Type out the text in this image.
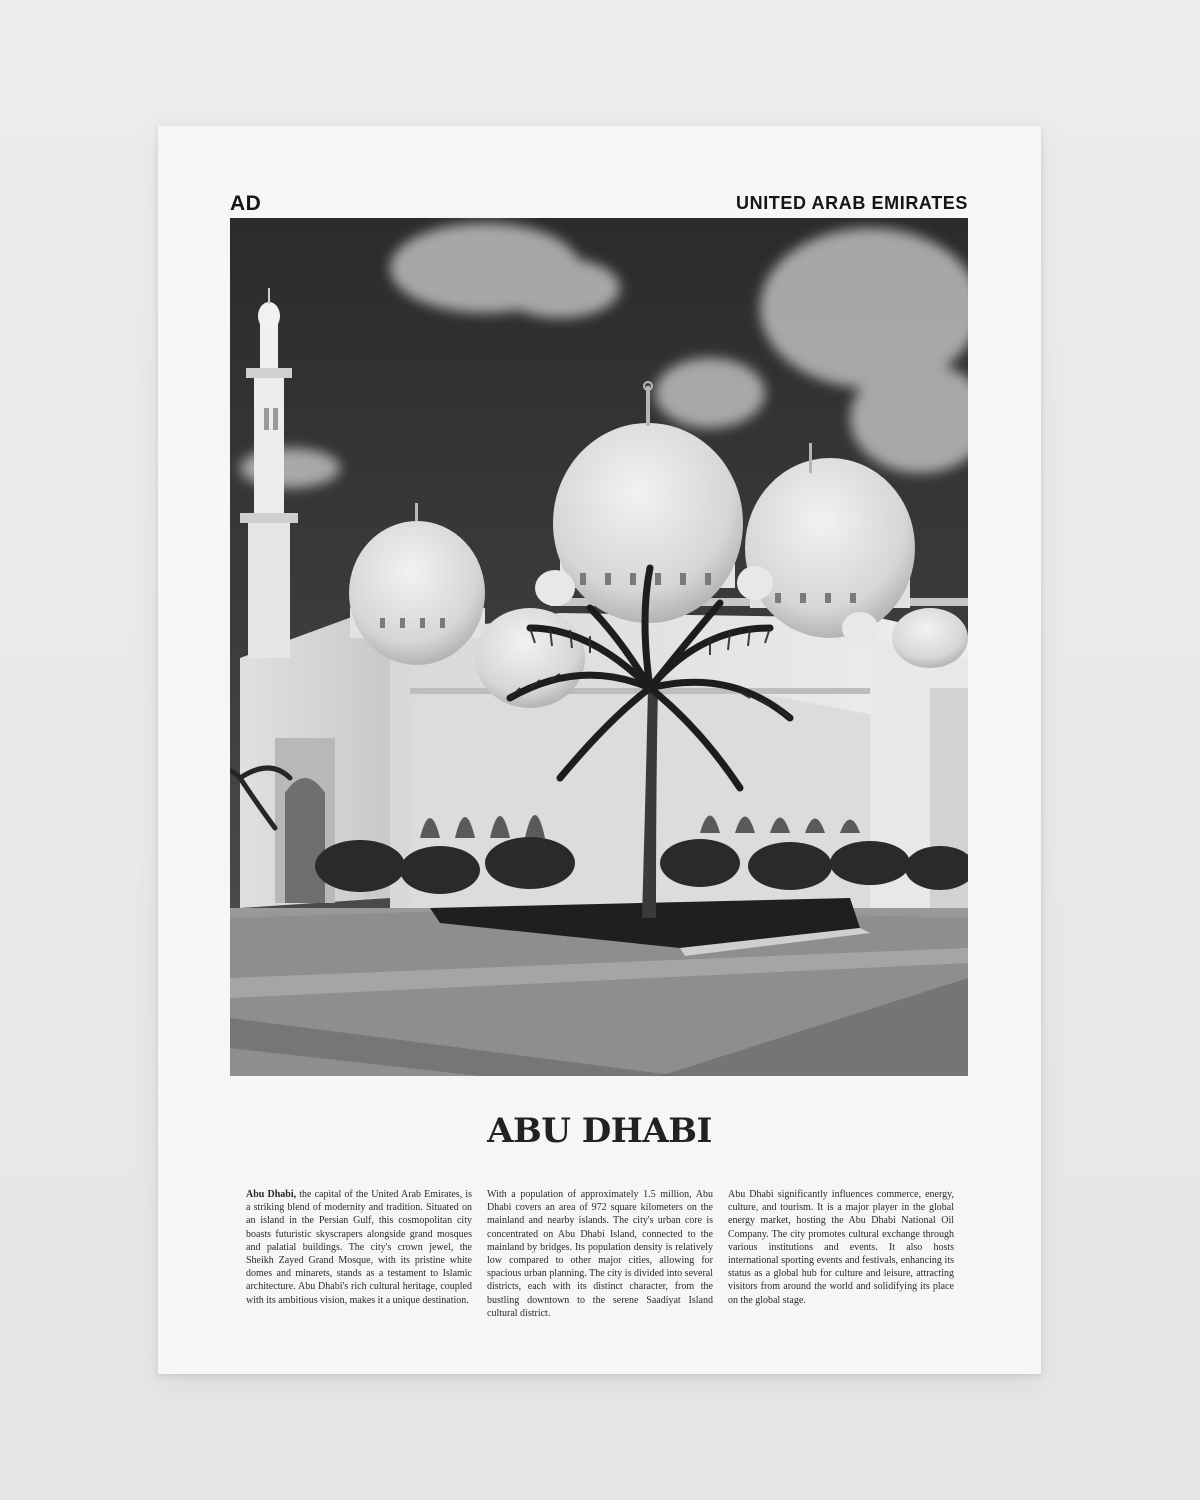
AD	UNITED ARAB EMIRATES
ABU DHABI

Abu Dhabi, the capital of the United Arab Emirates, is a striking blend of modernity and tradition. Situated on an island in the Persian Gulf, this cosmopolitan city boasts futuristic skyscrapers alongside grand mosques and palatial buildings. The city's crown jewel, the Sheikh Zayed Grand Mosque, with its pristine white domes and minarets, stands as a testament to Islamic architecture. Abu Dhabi's rich cultural heritage, coupled with its ambitious vision, makes it a unique destination.

With a population of approximately 1.5 million, Abu Dhabi covers an area of 972 square kilometers on the mainland and nearby islands. The city's urban core is concentrated on Abu Dhabi Island, connected to the mainland by bridges. Its population density is relatively low compared to other major cities, allowing for spacious urban planning. The city is divided into several districts, each with its distinct character, from the bustling downtown to the serene Saadiyat Island cultural district.

Abu Dhabi significantly influences commerce, energy, culture, and tourism. It is a major player in the global energy market, hosting the Abu Dhabi National Oil Company. The city promotes cultural exchange through various institutions and events. It also hosts international sporting events and festivals, enhancing its status as a global hub for culture and leisure, attracting visitors from around the world and solidifying its place on the global stage.
